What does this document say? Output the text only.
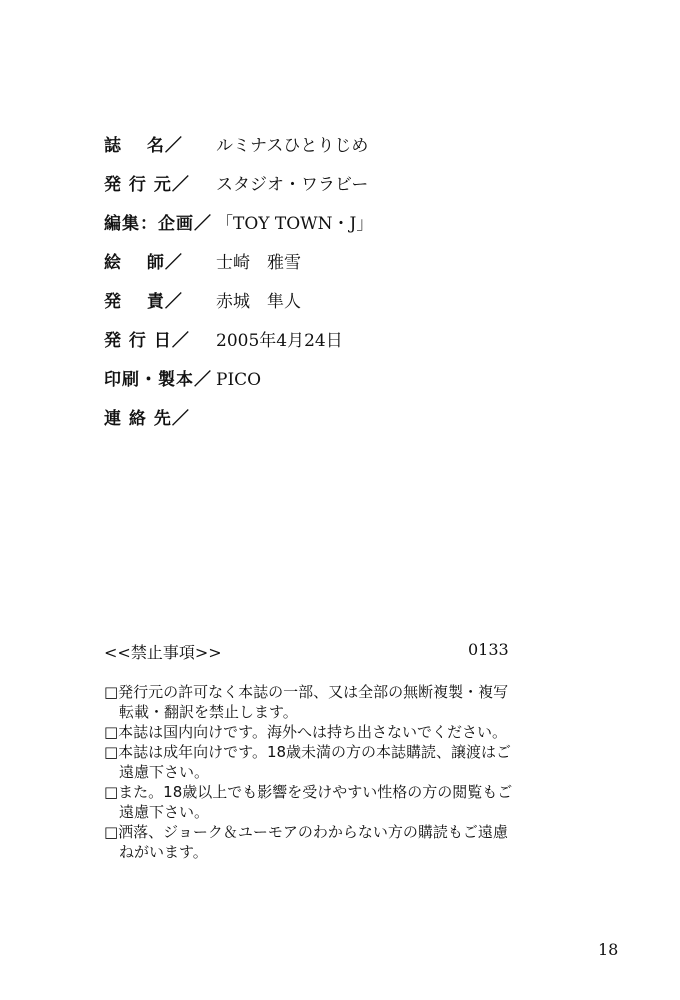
誌　 名／	ルミナスひとりじめ
発 行 元／	スタジオ・ワラビー
編集：企画／ 「TOY TOWN・J」
絵　 師／	士崎　雅雪
発　 責／	赤城　隼人
発 行 日／	2005年4月24日
印刷・製本／ PICO
連 絡 先／
<<禁止事項>>	0133
□発行元の許可なく本誌の一部、又は全部の無断複製・複写
　転載・翻訳を禁止します。
□本誌は国内向けです。海外へは持ち出さないでください。
□本誌は成年向けです。18歳未満の方の本誌購読、譲渡はご
　遠慮下さい。
□また。18歳以上でも影響を受けやすい性格の方の閲覧もご
　遠慮下さい。
□洒落、ジョーク＆ユーモアのわからない方の購読もご遠慮
　ねがいます。
18
